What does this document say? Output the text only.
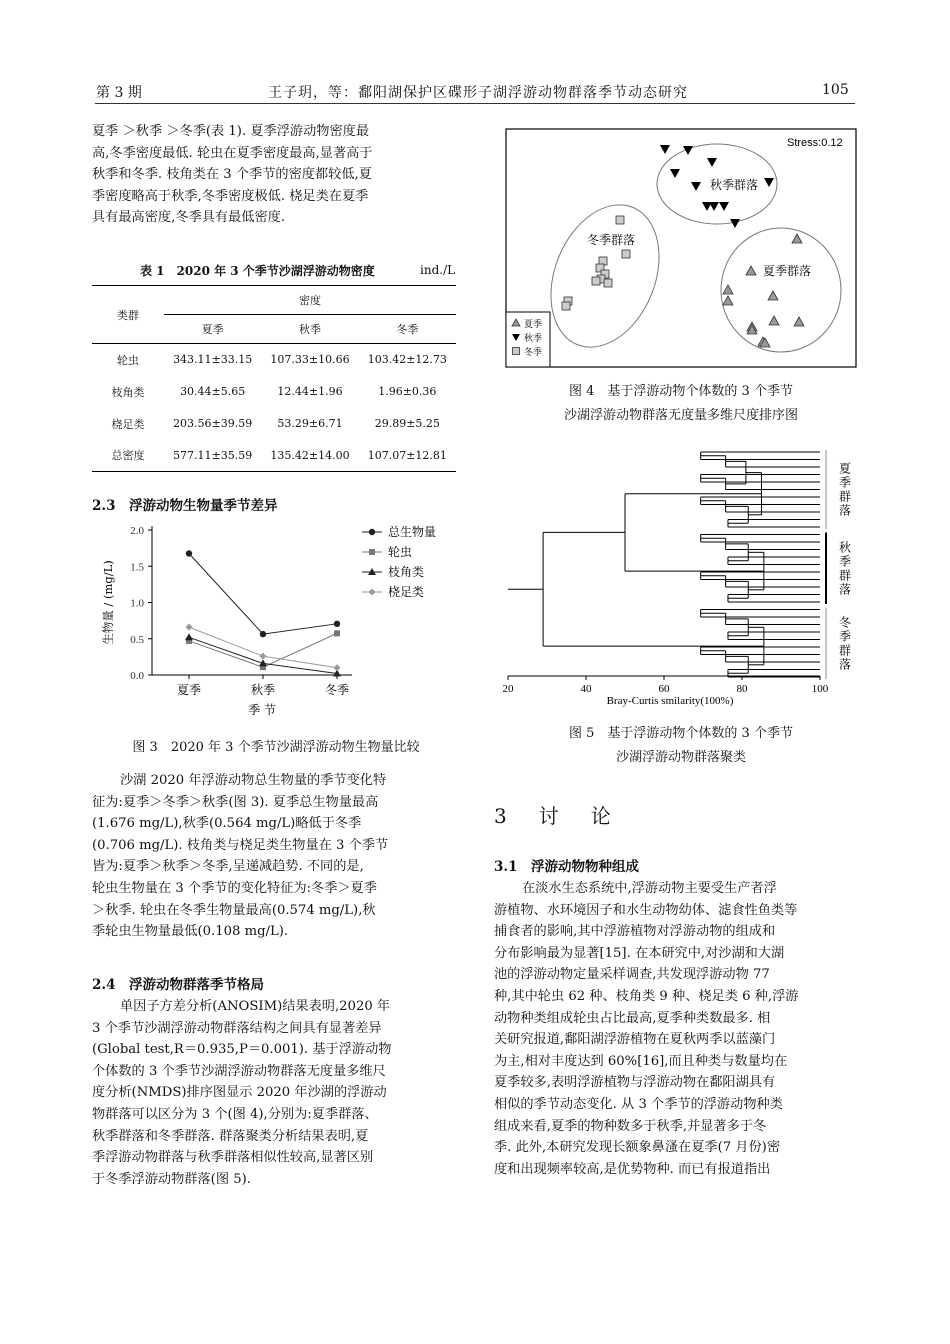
第 3 期	王子玥，等：鄱阳湖保护区碟形子湖浮游动物群落季节动态研究	105
夏季 ＞秋季 ＞冬季(表 1). 夏季浮游动物密度最
高,冬季密度最低. 轮虫在夏季密度最高,显著高于
秋季和冬季. 枝角类在 3 个季节的密度都较低,夏
季密度略高于秋季,冬季密度极低. 桡足类在夏季
具有最高密度,冬季具有最低密度.
表 1　2020 年 3 个季节沙湖浮游动物密度	ind./L
类群	密度		
	夏季	秋季	冬季
轮虫	343.11±33.15	107.33±10.66	103.42±12.73
枝角类	30.44±5.65	12.44±1.96	1.96±0.36
桡足类	203.56±39.59	53.29±6.71	29.89±5.25
总密度	577.11±35.59	135.42±14.00	107.07±12.81
2.3　浮游动物生物量季节差异
0.0
0.5
1.0
1.5
2.0
夏季	秋季	冬季
季 节
生物量 / (mg/L)
总生物量
轮虫
枝角类
桡足类
图 3　2020 年 3 个季节沙湖浮游动物生物量比较
沙湖 2020 年浮游动物总生物量的季节变化特
征为:夏季＞冬季＞秋季(图 3). 夏季总生物量最高
(1.676 mg/L),秋季(0.564 mg/L)略低于冬季
(0.706 mg/L). 枝角类与桡足类生物量在 3 个季节
皆为:夏季＞秋季＞冬季,呈递减趋势. 不同的是,
轮虫生物量在 3 个季节的变化特征为:冬季＞夏季
＞秋季. 轮虫在冬季生物量最高(0.574 mg/L),秋
季轮虫生物量最低(0.108 mg/L).
2.4　浮游动物群落季节格局
单因子方差分析(ANOSIM)结果表明,2020 年
3 个季节沙湖浮游动物群落结构之间具有显著差异
(Global test,R＝0.935,P＝0.001). 基于浮游动物
个体数的 3 个季节沙湖浮游动物群落无度量多维尺
度分析(NMDS)排序图显示 2020 年沙湖的浮游动
物群落可以区分为 3 个(图 4),分别为:夏季群落、
秋季群落和冬季群落. 群落聚类分析结果表明,夏
季浮游动物群落与秋季群落相似性较高,显著区别
于冬季浮游动物群落(图 5).
Stress:0.12
秋季群落
冬季群落
夏季群落
夏季
秋季
冬季
图 4　基于浮游动物个体数的 3 个季节
沙湖浮游动物群落无度量多维尺度排序图
20	40	60	80	100
夏
季
群
落
秋
季
群
落
冬
季
群
落
Bray-Curtis smilarity(100%)
图 5　基于浮游动物个体数的 3 个季节
沙湖浮游动物群落聚类
3　讨　论
3.1　浮游动物物种组成
在淡水生态系统中,浮游动物主要受生产者浮
游植物、水环境因子和水生动物幼体、滤食性鱼类等
捕食者的影响,其中浮游植物对浮游动物的组成和
分布影响最为显著[15]. 在本研究中,对沙湖和大湖
池的浮游动物定量采样调查,共发现浮游动物 77
种,其中轮虫 62 种、枝角类 9 种、桡足类 6 种,浮游
动物种类组成轮虫占比最高,夏季种类数最多. 相
关研究报道,鄱阳湖浮游植物在夏秋两季以蓝藻门
为主,相对丰度达到 60%[16],而且种类与数量均在
夏季较多,表明浮游植物与浮游动物在鄱阳湖具有
相似的季节动态变化. 从 3 个季节的浮游动物种类
组成来看,夏季的物种数多于秋季,并显著多于冬
季. 此外,本研究发现长额象鼻溞在夏季(7 月份)密
度和出现频率较高,是优势物种. 而已有报道指出
